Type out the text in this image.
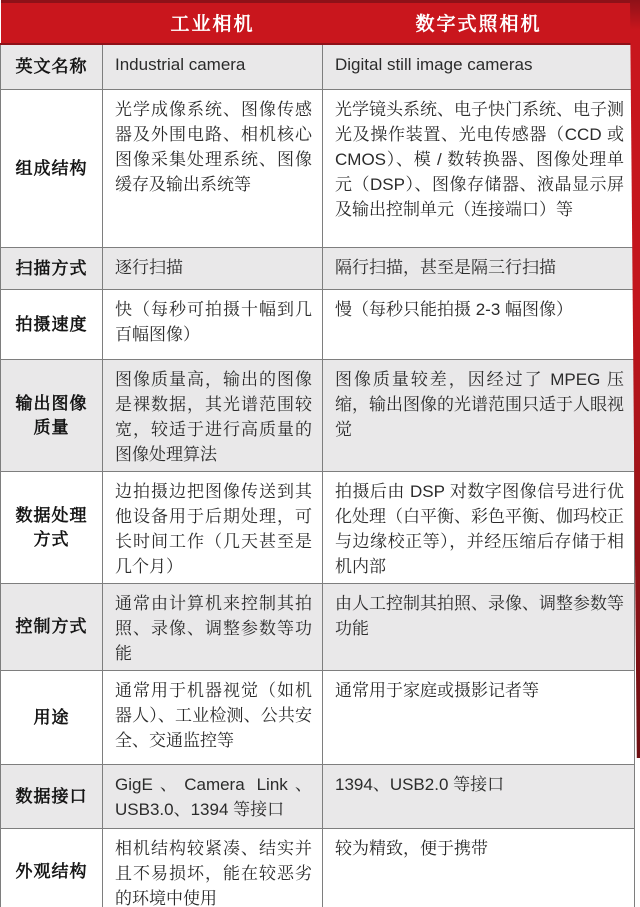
	工业相机	数字式照相机
英文名称	Industrial camera	Digital still image cameras
组成结构	光学成像系统、图像传感器及外围电路、相机核心图像采集处理系统、图像缓存及输出系统等	光学镜头系统、电子快门系统、电子测光及操作装置、光电传感器（CCD 或 CMOS）、模 / 数转换器、图像处理单元（DSP）、图像存储器、液晶显示屏及输出控制单元（连接端口）等
扫描方式	逐行扫描	隔行扫描，甚至是隔三行扫描
拍摄速度	快（每秒可拍摄十幅到几百幅图像）	慢（每秒只能拍摄 2-3 幅图像）
输出图像质量	图像质量高，输出的图像是裸数据，其光谱范围较宽，较适于进行高质量的图像处理算法	图像质量较差，因经过了 MPEG 压缩，输出图像的光谱范围只适于人眼视觉
数据处理方式	边拍摄边把图像传送到其他设备用于后期处理，可长时间工作（几天甚至是几个月）	拍摄后由 DSP 对数字图像信号进行优化处理（白平衡、彩色平衡、伽玛校正与边缘校正等），并经压缩后存储于相机内部
控制方式	通常由计算机来控制其拍照、录像、调整参数等功能	由人工控制其拍照、录像、调整参数等功能
用途	通常用于机器视觉（如机器人）、工业检测、公共安全、交通监控等	通常用于家庭或摄影记者等
数据接口	GigE、Camera Link、USB3.0、1394 等接口	1394、USB2.0 等接口
外观结构	相机结构较紧凑、结实并且不易损坏，能在较恶劣的环境中使用	较为精致，便于携带
